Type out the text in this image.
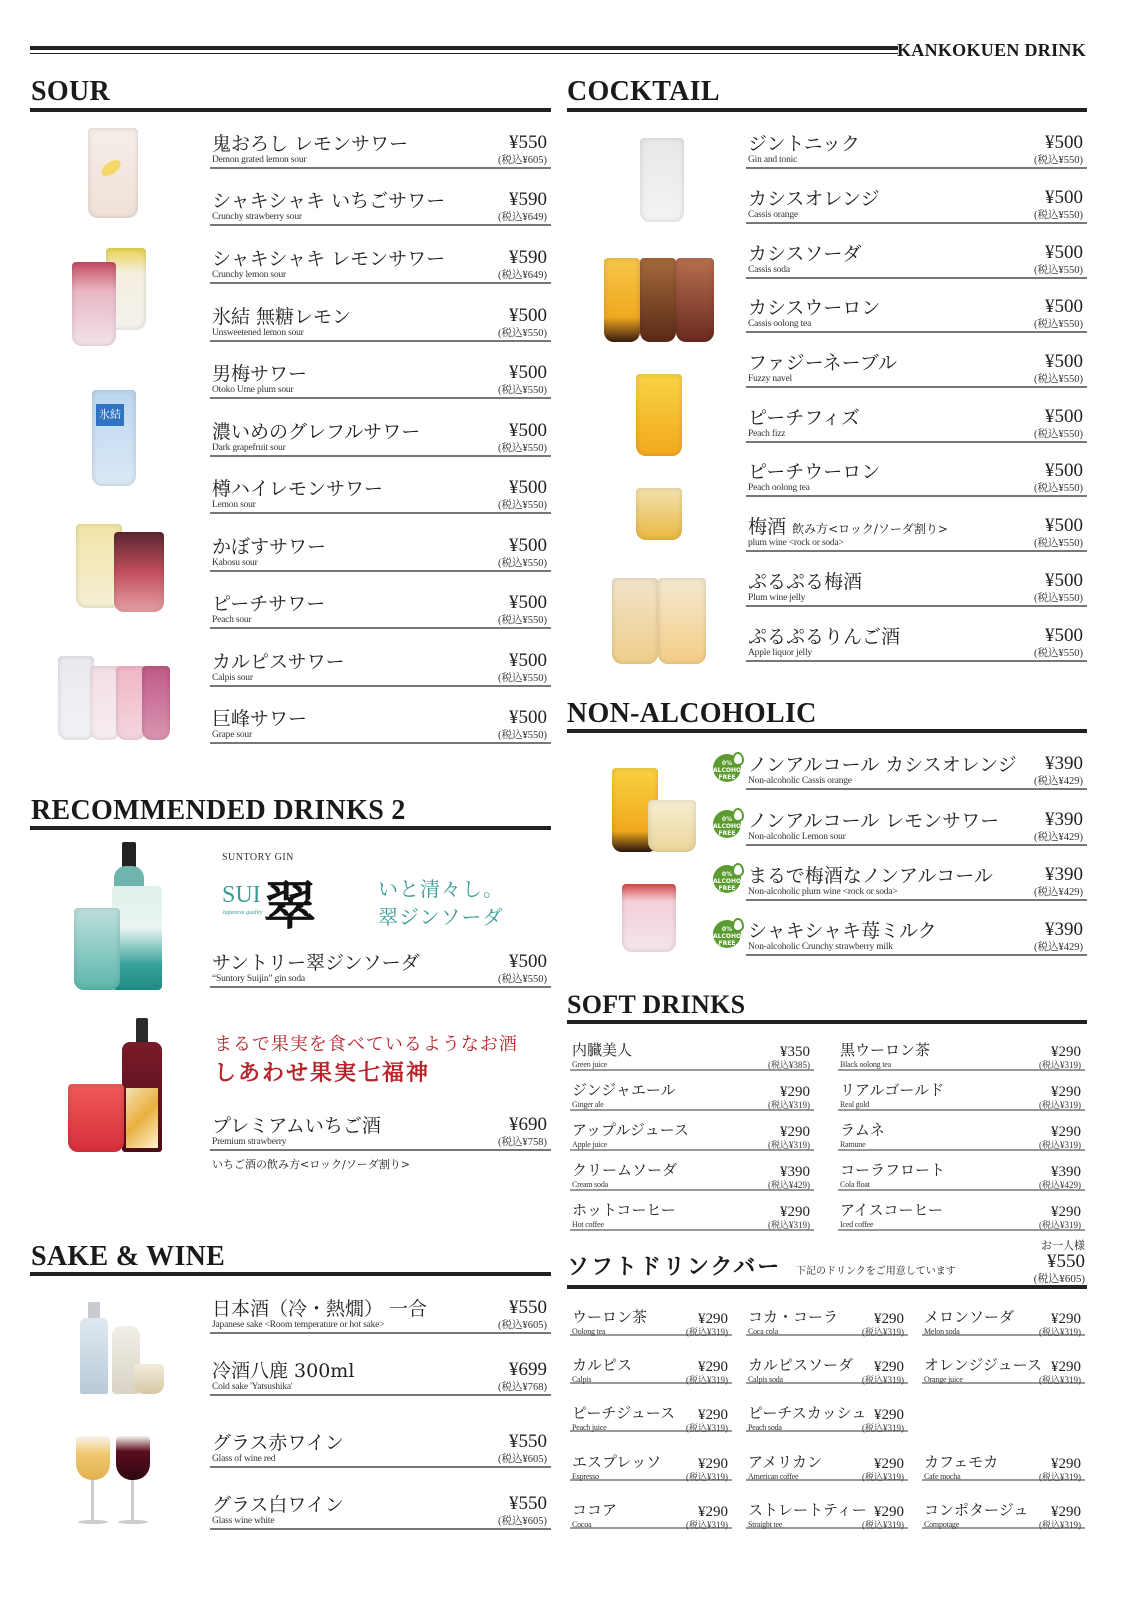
KANKOKUEN DRINK
SOUR
氷結
鬼おろし レモンサワー
Demon grated lemon sour
¥550
(税込¥605)
シャキシャキ いちごサワー
Crunchy strawberry sour
¥590
(税込¥649)
シャキシャキ レモンサワー
Crunchy lemon sour
¥590
(税込¥649)
氷結 無糖レモン
Unsweetened lemon sour
¥500
(税込¥550)
男梅サワー
Otoko Ume plum sour
¥500
(税込¥550)
濃いめのグレフルサワー
Dark grapefruit sour
¥500
(税込¥550)
樽ハイレモンサワー
Lemon sour
¥500
(税込¥550)
かぼすサワー
Kabosu sour
¥500
(税込¥550)
ピーチサワー
Peach sour
¥500
(税込¥550)
カルピスサワー
Calpis sour
¥500
(税込¥550)
巨峰サワー
Grape sour
¥500
(税込¥550)
COCKTAIL
ジントニック
Gin and tonic
¥500
(税込¥550)
カシスオレンジ
Cassis orange
¥500
(税込¥550)
カシスソーダ
Cassis soda
¥500
(税込¥550)
カシスウーロン
Cassis oolong tea
¥500
(税込¥550)
ファジーネーブル
Fuzzy navel
¥500
(税込¥550)
ピーチフィズ
Peach fizz
¥500
(税込¥550)
ピーチウーロン
Peach oolong tea
¥500
(税込¥550)
梅酒 飲み方<ロック/ソーダ割り>
plum wine <rock or soda>
¥500
(税込¥550)
ぷるぷる梅酒
Plum wine jelly
¥500
(税込¥550)
ぷるぷるりんご酒
Apple liquor jelly
¥500
(税込¥550)
NON-ALCOHOLIC
0%
ALCOHOL
FREE
0%
ALCOHOL
FREE
0%
ALCOHOL
FREE
0%
ALCOHOL
FREE
ノンアルコール カシスオレンジ
Non-alcoholic Cassis orange
¥390
(税込¥429)
ノンアルコール レモンサワー
Non-alcoholic Lemon sour
¥390
(税込¥429)
まるで梅酒なノンアルコール
Non-alcoholic plum wine <rock or soda>
¥390
(税込¥429)
シャキシャキ苺ミルク
Non-alcoholic Crunchy strawberry milk
¥390
(税込¥429)
RECOMMENDED DRINKS 2
SUNTORY GIN
SUI 翠
Japanese quality
いと清々し。
翠ジンソーダ
サントリー翠ジンソーダ
“Suntory Suijin” gin soda
¥500
(税込¥550)
まるで果実を食べているようなお酒
しあわせ果実七福神
プレミアムいちご酒
Premium strawberry
¥690
(税込¥758)
いちご酒の飲み方<ロック/ソーダ割り>
SAKE & WINE
日本酒（冷・熱燗） 一合
Japanese sake <Room temperature or hot sake>
¥550
(税込¥605)
冷酒八鹿 300ml
Cold sake 'Yatsushika'
¥699
(税込¥768)
グラス赤ワイン
Glass of wine red
¥550
(税込¥605)
グラス白ワイン
Glass wine white
¥550
(税込¥605)
SOFT DRINKS
内臓美人
Green juice
¥350
(税込¥385)
ジンジャエール
Ginger ale
¥290
(税込¥319)
アップルジュース
Apple juice
¥290
(税込¥319)
クリームソーダ
Cream soda
¥390
(税込¥429)
ホットコーヒー
Hot coffee
¥290
(税込¥319)
黒ウーロン茶
Black oolong tea
¥290
(税込¥319)
リアルゴールド
Real gold
¥290
(税込¥319)
ラムネ
Ramune
¥290
(税込¥319)
コーラフロート
Cola float
¥390
(税込¥429)
アイスコーヒー
Iced coffee
¥290
(税込¥319)
ソフトドリンクバー 下記のドリンクをご用意しています
お一人様
¥550
(税込¥605)
ウーロン茶
Oolong tea
¥290
(税込¥319)
コカ・コーラ
Coca cola
¥290
(税込¥319)
メロンソーダ
Melon soda
¥290
(税込¥319)
カルピス
Calpis
¥290
(税込¥319)
カルピスソーダ
Calpis soda
¥290
(税込¥319)
オレンジジュース
Orange juice
¥290
(税込¥319)
ピーチジュース
Peach juice
¥290
(税込¥319)
ピーチスカッシュ
Peach soda
¥290
(税込¥319)
エスプレッソ
Espresso
¥290
(税込¥319)
アメリカン
American coffee
¥290
(税込¥319)
カフェモカ
Cafe mocha
¥290
(税込¥319)
ココア
Cocoa
¥290
(税込¥319)
ストレートティー
Straight tee
¥290
(税込¥319)
コンポタージュ
Compotage
¥290
(税込¥319)
